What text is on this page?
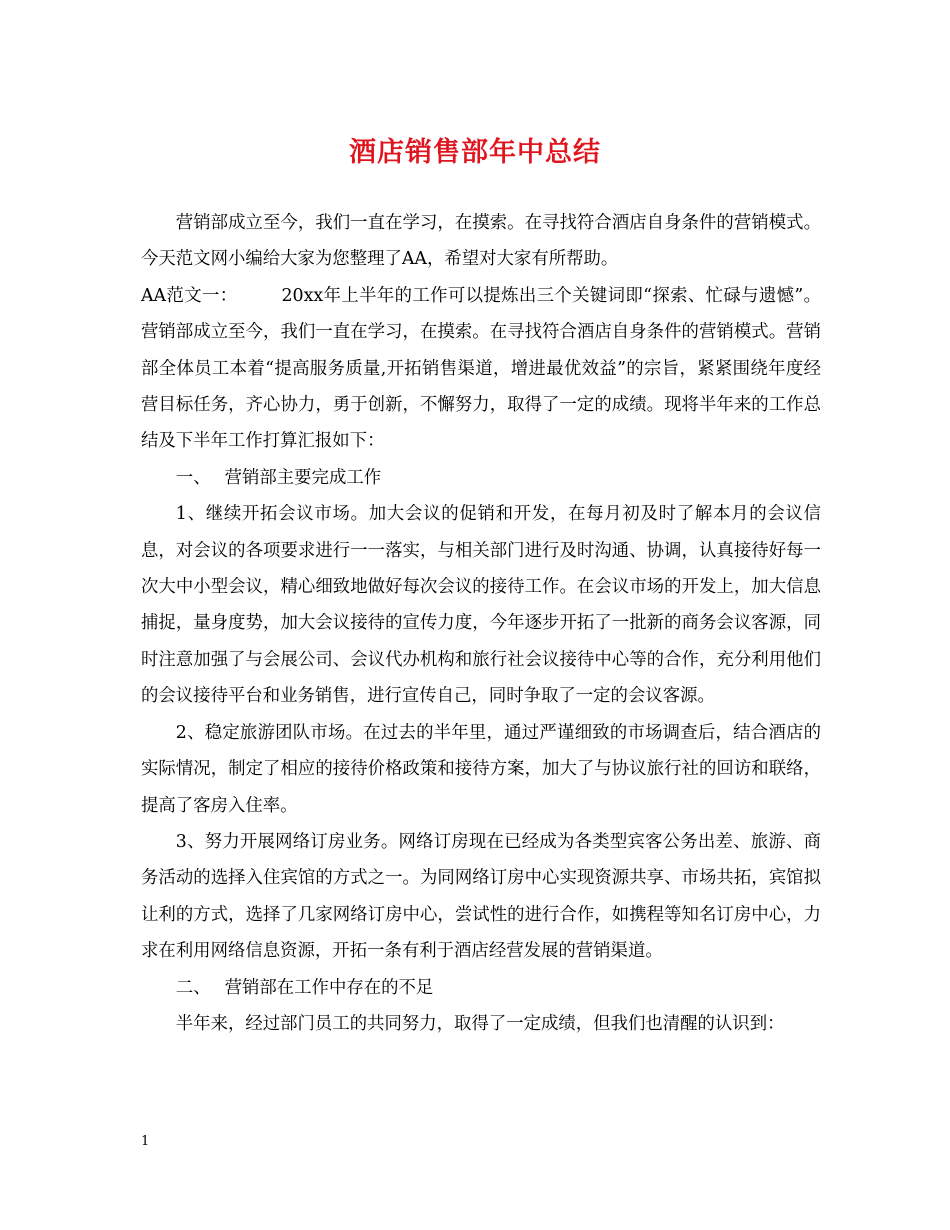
酒店销售部年中总结

营销部成立至今，我们一直在学习，在摸索。在寻找符合酒店自身条件的营销模式。今天范文网小编给大家为您整理了AA，希望对大家有所帮助。

AA范文一：	20xx年上半年的工作可以提炼出三个关键词即“探索、忙碌与遗憾”。营销部成立至今，我们一直在学习，在摸索。在寻找符合酒店自身条件的营销模式。营销部全体员工本着“提高服务质量,开拓销售渠道，增进最优效益”的宗旨，紧紧围绕年度经营目标任务，齐心协力，勇于创新，不懈努力，取得了一定的成绩。现将半年来的工作总结及下半年工作打算汇报如下：

一、 营销部主要完成工作

1、继续开拓会议市场。加大会议的促销和开发，在每月初及时了解本月的会议信息，对会议的各项要求进行一一落实，与相关部门进行及时沟通、协调，认真接待好每一次大中小型会议，精心细致地做好每次会议的接待工作。在会议市场的开发上，加大信息捕捉，量身度势，加大会议接待的宣传力度，今年逐步开拓了一批新的商务会议客源，同时注意加强了与会展公司、会议代办机构和旅行社会议接待中心等的合作，充分利用他们的会议接待平台和业务销售，进行宣传自己，同时争取了一定的会议客源。

2、稳定旅游团队市场。在过去的半年里，通过严谨细致的市场调查后，结合酒店的实际情况，制定了相应的接待价格政策和接待方案，加大了与协议旅行社的回访和联络，提高了客房入住率。

3、努力开展网络订房业务。网络订房现在已经成为各类型宾客公务出差、旅游、商务活动的选择入住宾馆的方式之一。为同网络订房中心实现资源共享、市场共拓，宾馆拟让利的方式，选择了几家网络订房中心，尝试性的进行合作，如携程等知名订房中心，力求在利用网络信息资源，开拓一条有利于酒店经营发展的营销渠道。

二、 营销部在工作中存在的不足

半年来，经过部门员工的共同努力，取得了一定成绩，但我们也清醒的认识到：

1
